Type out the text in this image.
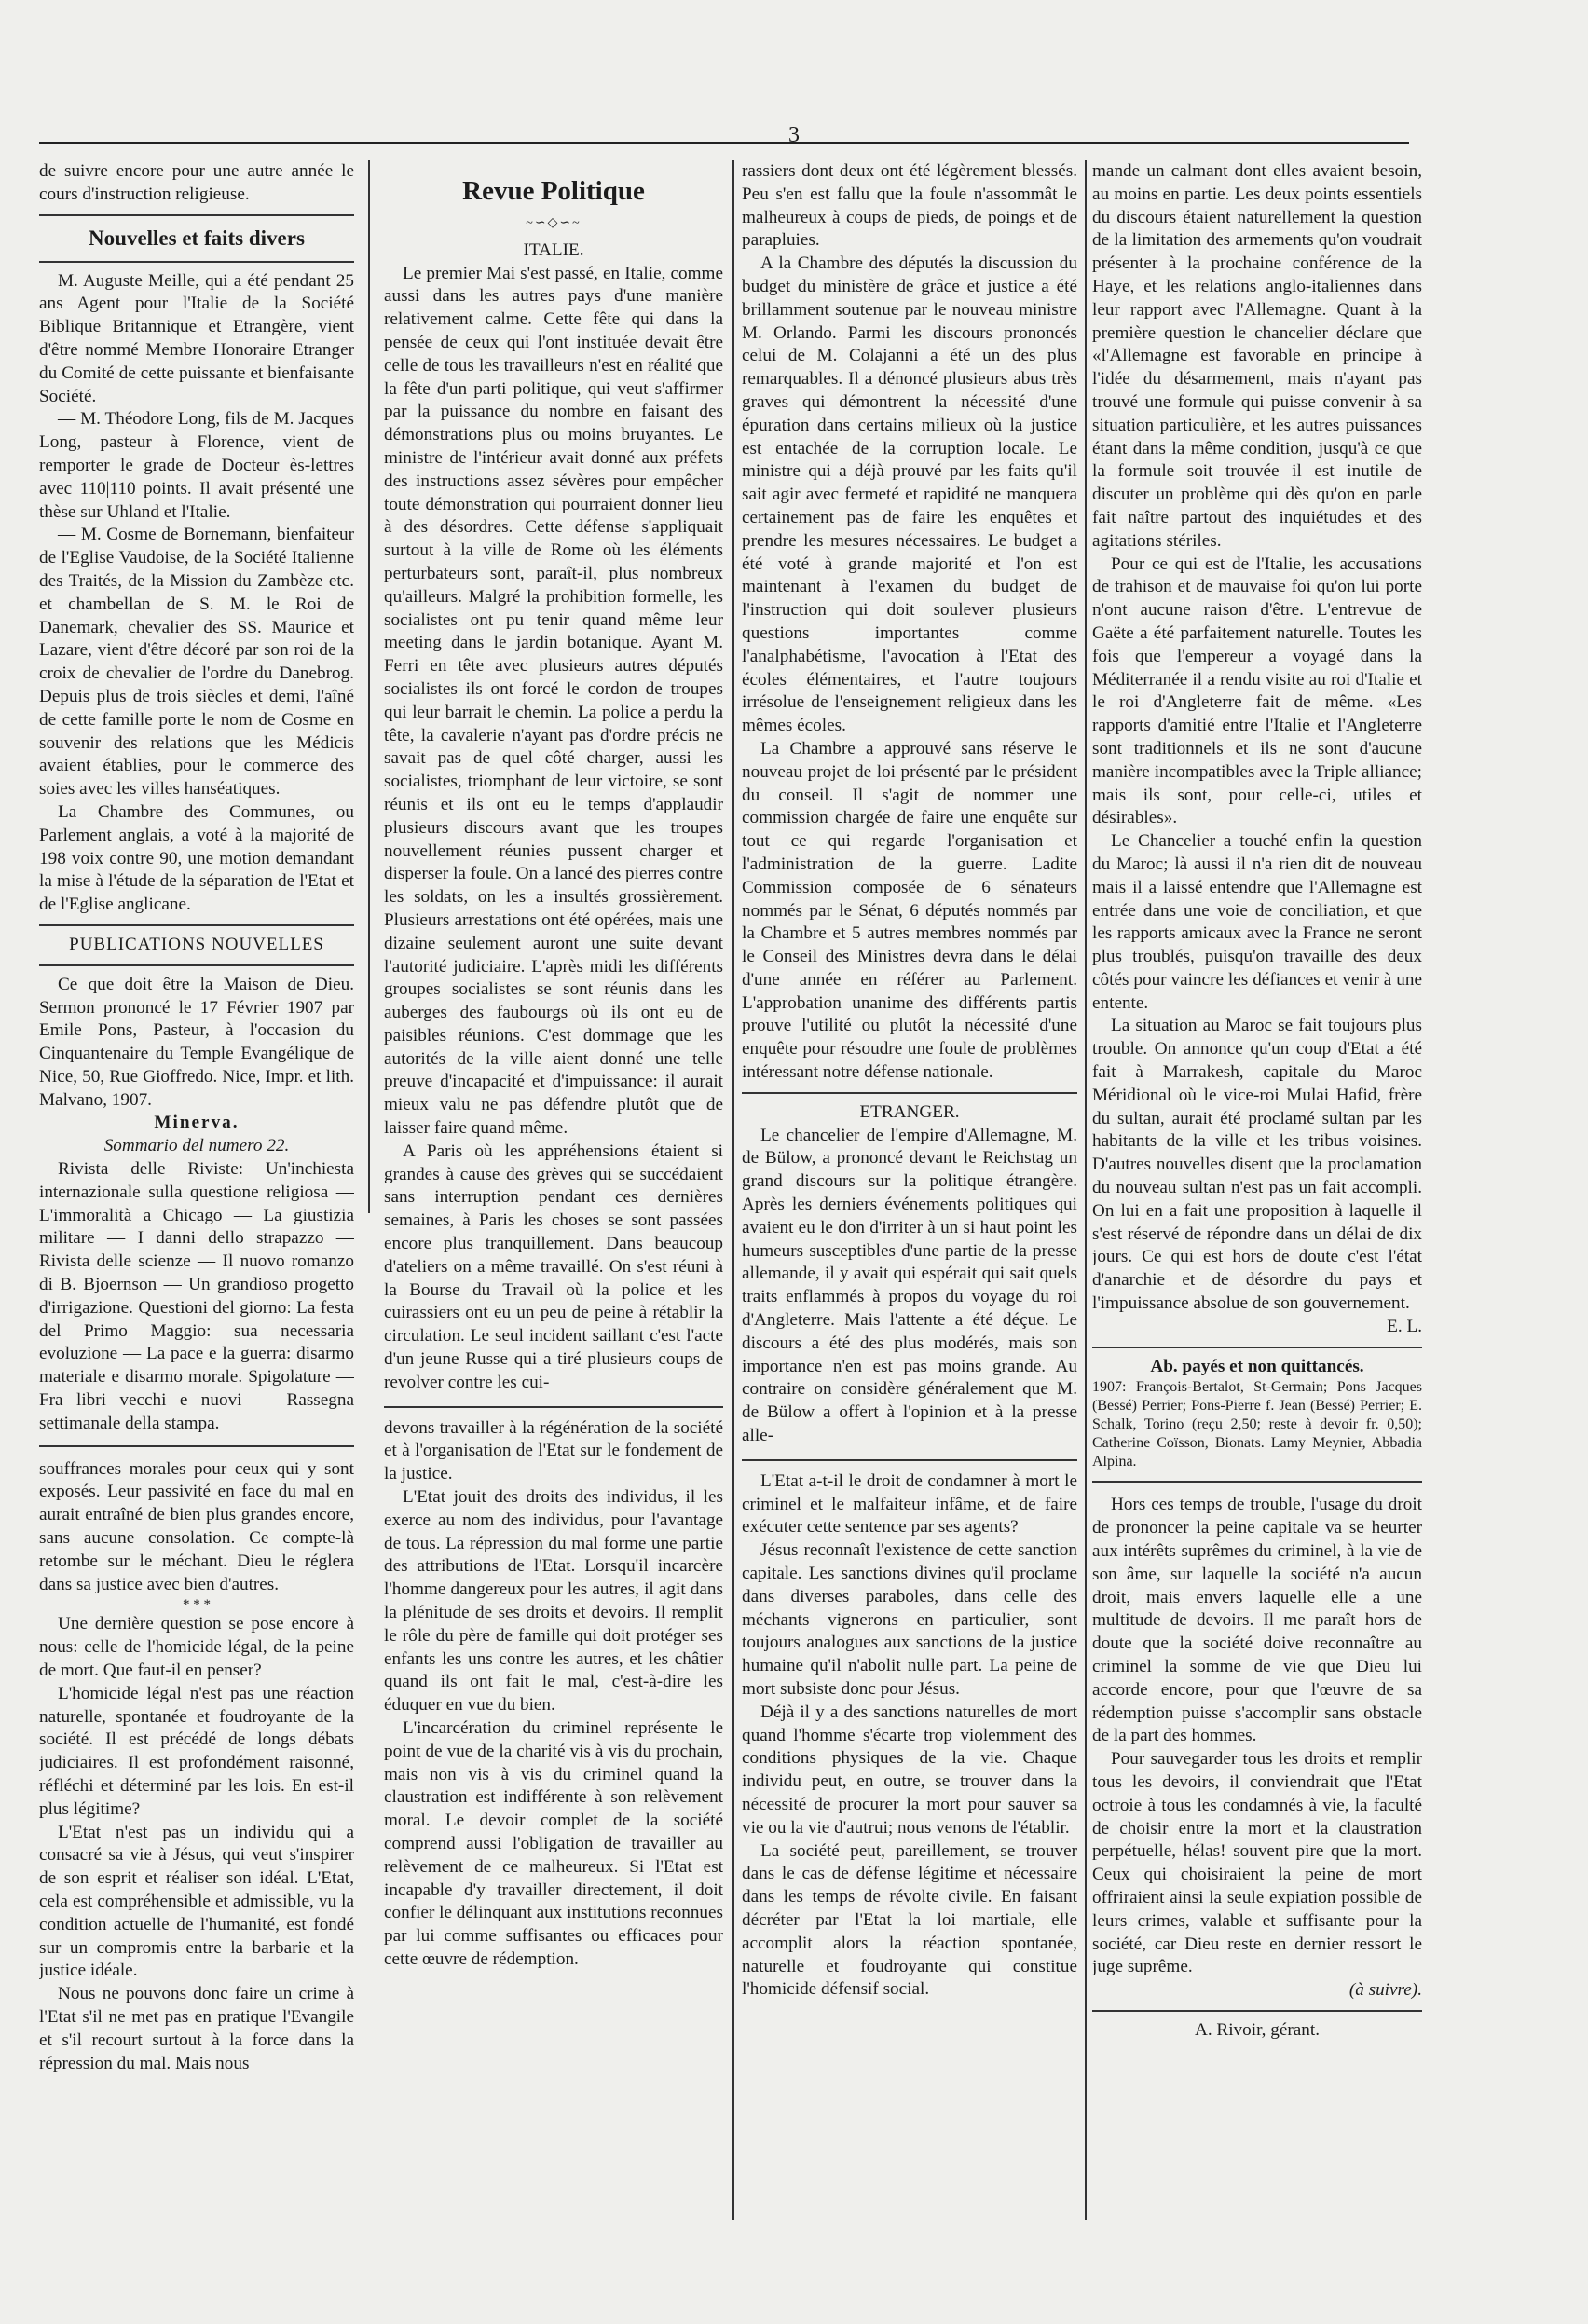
3

de suivre encore pour une autre année le cours d'instruction religieuse.

Nouvelles et faits divers

M. Auguste Meille, qui a été pendant 25 ans Agent pour l'Italie de la Société Biblique Britannique et Etrangère, vient d'être nommé Membre Honoraire Etranger du Comité de cette puissante et bienfaisante Société.

— M. Théodore Long, fils de M. Jacques Long, pasteur à Florence, vient de remporter le grade de Docteur ès-lettres avec 110|110 points. Il avait présenté une thèse sur Uhland et l'Italie.

— M. Cosme de Bornemann, bienfaiteur de l'Eglise Vaudoise, de la Société Italienne des Traités, de la Mission du Zambèze etc. et chambellan de S. M. le Roi de Danemark, chevalier des SS. Maurice et Lazare, vient d'être décoré par son roi de la croix de chevalier de l'ordre du Danebrog. Depuis plus de trois siècles et demi, l'aîné de cette famille porte le nom de Cosme en souvenir des relations que les Médicis avaient établies, pour le commerce des soies avec les villes hanséatiques.

La Chambre des Communes, ou Parlement anglais, a voté à la majorité de 198 voix contre 90, une motion demandant la mise à l'étude de la séparation de l'Etat et de l'Eglise anglicane.

PUBLICATIONS NOUVELLES

Ce que doit être la Maison de Dieu. Sermon prononcé le 17 Février 1907 par Emile Pons, Pasteur, à l'occasion du Cinquantenaire du Temple Evangélique de Nice, 50, Rue Gioffredo. Nice, Impr. et lith. Malvano, 1907.

Minerva.
Sommario del numero 22.

Rivista delle Riviste: Un'inchiesta internazionale sulla questione religiosa — L'immoralità a Chicago — La giustizia militare — I danni dello strapazzo — Rivista delle scienze — Il nuovo romanzo di B. Bjoernson — Un grandioso progetto d'irrigazione. Questioni del giorno: La festa del Primo Maggio: sua necessaria evoluzione — La pace e la guerra: disarmo materiale e disarmo morale. Spigolature — Fra libri vecchi e nuovi — Rassegna settimanale della stampa.

souffrances morales pour ceux qui y sont exposés. Leur passivité en face du mal en aurait entraîné de bien plus grandes encore, sans aucune consolation. Ce compte-là retombe sur le méchant. Dieu le réglera dans sa justice avec bien d'autres.

* * *

Une dernière question se pose encore à nous: celle de l'homicide légal, de la peine de mort. Que faut-il en penser?

L'homicide légal n'est pas une réaction naturelle, spontanée et foudroyante de la société. Il est précédé de longs débats judiciaires. Il est profondément raisonné, réfléchi et déterminé par les lois. En est-il plus légitime?

L'Etat n'est pas un individu qui a consacré sa vie à Jésus, qui veut s'inspirer de son esprit et réaliser son idéal. L'Etat, cela est compréhensible et admissible, vu la condition actuelle de l'humanité, est fondé sur un compromis entre la barbarie et la justice idéale.

Nous ne pouvons donc faire un crime à l'Etat s'il ne met pas en pratique l'Evangile et s'il recourt surtout à la force dans la répression du mal. Mais nous

Revue Politique
~∽◇∽~
ITALIE.

Le premier Mai s'est passé, en Italie, comme aussi dans les autres pays d'une manière relativement calme. Cette fête qui dans la pensée de ceux qui l'ont instituée devait être celle de tous les travailleurs n'est en réalité que la fête d'un parti politique, qui veut s'affirmer par la puissance du nombre en faisant des démonstrations plus ou moins bruyantes. Le ministre de l'intérieur avait donné aux préfets des instructions assez sévères pour empêcher toute démonstration qui pourraient donner lieu à des désordres. Cette défense s'appliquait surtout à la ville de Rome où les éléments perturbateurs sont, paraît-il, plus nombreux qu'ailleurs. Malgré la prohibition formelle, les socialistes ont pu tenir quand même leur meeting dans le jardin botanique. Ayant M. Ferri en tête avec plusieurs autres députés socialistes ils ont forcé le cordon de troupes qui leur barrait le chemin. La police a perdu la tête, la cavalerie n'ayant pas d'ordre précis ne savait pas de quel côté charger, aussi les socialistes, triomphant de leur victoire, se sont réunis et ils ont eu le temps d'applaudir plusieurs discours avant que les troupes nouvellement réunies pussent charger et disperser la foule. On a lancé des pierres contre les soldats, on les a insultés grossièrement. Plusieurs arrestations ont été opérées, mais une dizaine seulement auront une suite devant l'autorité judiciaire. L'après midi les différents groupes socialistes se sont réunis dans les auberges des faubourgs où ils ont eu de paisibles réunions. C'est dommage que les autorités de la ville aient donné une telle preuve d'incapacité et d'impuissance: il aurait mieux valu ne pas défendre plutôt que de laisser faire quand même.

A Paris où les appréhensions étaient si grandes à cause des grèves qui se succédaient sans interruption pendant ces dernières semaines, à Paris les choses se sont passées encore plus tranquillement. Dans beaucoup d'ateliers on a même travaillé. On s'est réuni à la Bourse du Travail où la police et les cuirassiers ont eu un peu de peine à rétablir la circulation. Le seul incident saillant c'est l'acte d'un jeune Russe qui a tiré plusieurs coups de revolver contre les cui-

devons travailler à la régénération de la société et à l'organisation de l'Etat sur le fondement de la justice.

L'Etat jouit des droits des individus, il les exerce au nom des individus, pour l'avantage de tous. La répression du mal forme une partie des attributions de l'Etat. Lorsqu'il incarcère l'homme dangereux pour les autres, il agit dans la plénitude de ses droits et devoirs. Il remplit le rôle du père de famille qui doit protéger ses enfants les uns contre les autres, et les châtier quand ils ont fait le mal, c'est-à-dire les éduquer en vue du bien.

L'incarcération du criminel représente le point de vue de la charité vis à vis du prochain, mais non vis à vis du criminel quand la claustration est indifférente à son relèvement moral. Le devoir complet de la société comprend aussi l'obligation de travailler au relèvement de ce malheureux. Si l'Etat est incapable d'y travailler directement, il doit confier le délinquant aux institutions reconnues par lui comme suffisantes ou efficaces pour cette œuvre de rédemption.

rassiers dont deux ont été légèrement blessés. Peu s'en est fallu que la foule n'assommât le malheureux à coups de pieds, de poings et de parapluies.

A la Chambre des députés la discussion du budget du ministère de grâce et justice a été brillamment soutenue par le nouveau ministre M. Orlando. Parmi les discours prononcés celui de M. Colajanni a été un des plus remarquables. Il a dénoncé plusieurs abus très graves qui démontrent la nécessité d'une épuration dans certains milieux où la justice est entachée de la corruption locale. Le ministre qui a déjà prouvé par les faits qu'il sait agir avec fermeté et rapidité ne manquera certainement pas de faire les enquêtes et prendre les mesures nécessaires. Le budget a été voté à grande majorité et l'on est maintenant à l'examen du budget de l'instruction qui doit soulever plusieurs questions importantes comme l'analphabétisme, l'avocation à l'Etat des écoles élémentaires, et l'autre toujours irrésolue de l'enseignement religieux dans les mêmes écoles.

La Chambre a approuvé sans réserve le nouveau projet de loi présenté par le président du conseil. Il s'agit de nommer une commission chargée de faire une enquête sur tout ce qui regarde l'organisation et l'administration de la guerre. Ladite Commission composée de 6 sénateurs nommés par le Sénat, 6 députés nommés par la Chambre et 5 autres membres nommés par le Conseil des Ministres devra dans le délai d'une année en référer au Parlement. L'approbation unanime des différents partis prouve l'utilité ou plutôt la nécessité d'une enquête pour résoudre une foule de problèmes intéressant notre défense nationale.

ETRANGER.

Le chancelier de l'empire d'Allemagne, M. de Bülow, a prononcé devant le Reichstag un grand discours sur la politique étrangère. Après les derniers événements politiques qui avaient eu le don d'irriter à un si haut point les humeurs susceptibles d'une partie de la presse allemande, il y avait qui espérait qui sait quels traits enflammés à propos du voyage du roi d'Angleterre. Mais l'attente a été déçue. Le discours a été des plus modérés, mais son importance n'en est pas moins grande. Au contraire on considère généralement que M. de Bülow a offert à l'opinion et à la presse alle-

L'Etat a-t-il le droit de condamner à mort le criminel et le malfaiteur infâme, et de faire exécuter cette sentence par ses agents?

Jésus reconnaît l'existence de cette sanction capitale. Les sanctions divines qu'il proclame dans diverses paraboles, dans celle des méchants vignerons en particulier, sont toujours analogues aux sanctions de la justice humaine qu'il n'abolit nulle part. La peine de mort subsiste donc pour Jésus.

Déjà il y a des sanctions naturelles de mort quand l'homme s'écarte trop violemment des conditions physiques de la vie. Chaque individu peut, en outre, se trouver dans la nécessité de procurer la mort pour sauver sa vie ou la vie d'autrui; nous venons de l'établir.

La société peut, pareillement, se trouver dans le cas de défense légitime et nécessaire dans les temps de révolte civile. En faisant décréter par l'Etat la loi martiale, elle accomplit alors la réaction spontanée, naturelle et foudroyante qui constitue l'homicide défensif social.

mande un calmant dont elles avaient besoin, au moins en partie. Les deux points essentiels du discours étaient naturellement la question de la limitation des armements qu'on voudrait présenter à la prochaine conférence de la Haye, et les relations anglo-italiennes dans leur rapport avec l'Allemagne. Quant à la première question le chancelier déclare que «l'Allemagne est favorable en principe à l'idée du désarmement, mais n'ayant pas trouvé une formule qui puisse convenir à sa situation particulière, et les autres puissances étant dans la même condition, jusqu'à ce que la formule soit trouvée il est inutile de discuter un problème qui dès qu'on en parle fait naître partout des inquiétudes et des agitations stériles.

Pour ce qui est de l'Italie, les accusations de trahison et de mauvaise foi qu'on lui porte n'ont aucune raison d'être. L'entrevue de Gaëte a été parfaitement naturelle. Toutes les fois que l'empereur a voyagé dans la Méditerranée il a rendu visite au roi d'Italie et le roi d'Angleterre fait de même. «Les rapports d'amitié entre l'Italie et l'Angleterre sont traditionnels et ils ne sont d'aucune manière incompatibles avec la Triple alliance; mais ils sont, pour celle-ci, utiles et désirables».

Le Chancelier a touché enfin la question du Maroc; là aussi il n'a rien dit de nouveau mais il a laissé entendre que l'Allemagne est entrée dans une voie de conciliation, et que les rapports amicaux avec la France ne seront plus troublés, puisqu'on travaille des deux côtés pour vaincre les défiances et venir à une entente.

La situation au Maroc se fait toujours plus trouble. On annonce qu'un coup d'Etat a été fait à Marrakesh, capitale du Maroc Méridional où le vice-roi Mulai Hafid, frère du sultan, aurait été proclamé sultan par les habitants de la ville et les tribus voisines. D'autres nouvelles disent que la proclamation du nouveau sultan n'est pas un fait accompli. On lui en a fait une proposition à laquelle il s'est réservé de répondre dans un délai de dix jours. Ce qui est hors de doute c'est l'état d'anarchie et de désordre du pays et l'impuissance absolue de son gouvernement.

E. L.
Ab. payés et non quittancés.
1907: François-Bertalot, St-Germain; Pons Jacques (Bessé) Perrier; Pons-Pierre f. Jean (Bessé) Perrier; E. Schalk, Torino (reçu 2,50; reste à devoir fr. 0,50); Catherine Coïsson, Bionats. Lamy Meynier, Abbadia Alpina.

Hors ces temps de trouble, l'usage du droit de prononcer la peine capitale va se heurter aux intérêts suprêmes du criminel, à la vie de son âme, sur laquelle la société n'a aucun droit, mais envers laquelle elle a une multitude de devoirs. Il me paraît hors de doute que la société doive reconnaître au criminel la somme de vie que Dieu lui accorde encore, pour que l'œuvre de sa rédemption puisse s'accomplir sans obstacle de la part des hommes.

Pour sauvegarder tous les droits et remplir tous les devoirs, il conviendrait que l'Etat octroie à tous les condamnés à vie, la faculté de choisir entre la mort et la claustration perpétuelle, hélas! souvent pire que la mort. Ceux qui choisiraient la peine de mort offriraient ainsi la seule expiation possible de leurs crimes, valable et suffisante pour la société, car Dieu reste en dernier ressort le juge suprême.

(à suivre).
A. Rivoir, gérant.
